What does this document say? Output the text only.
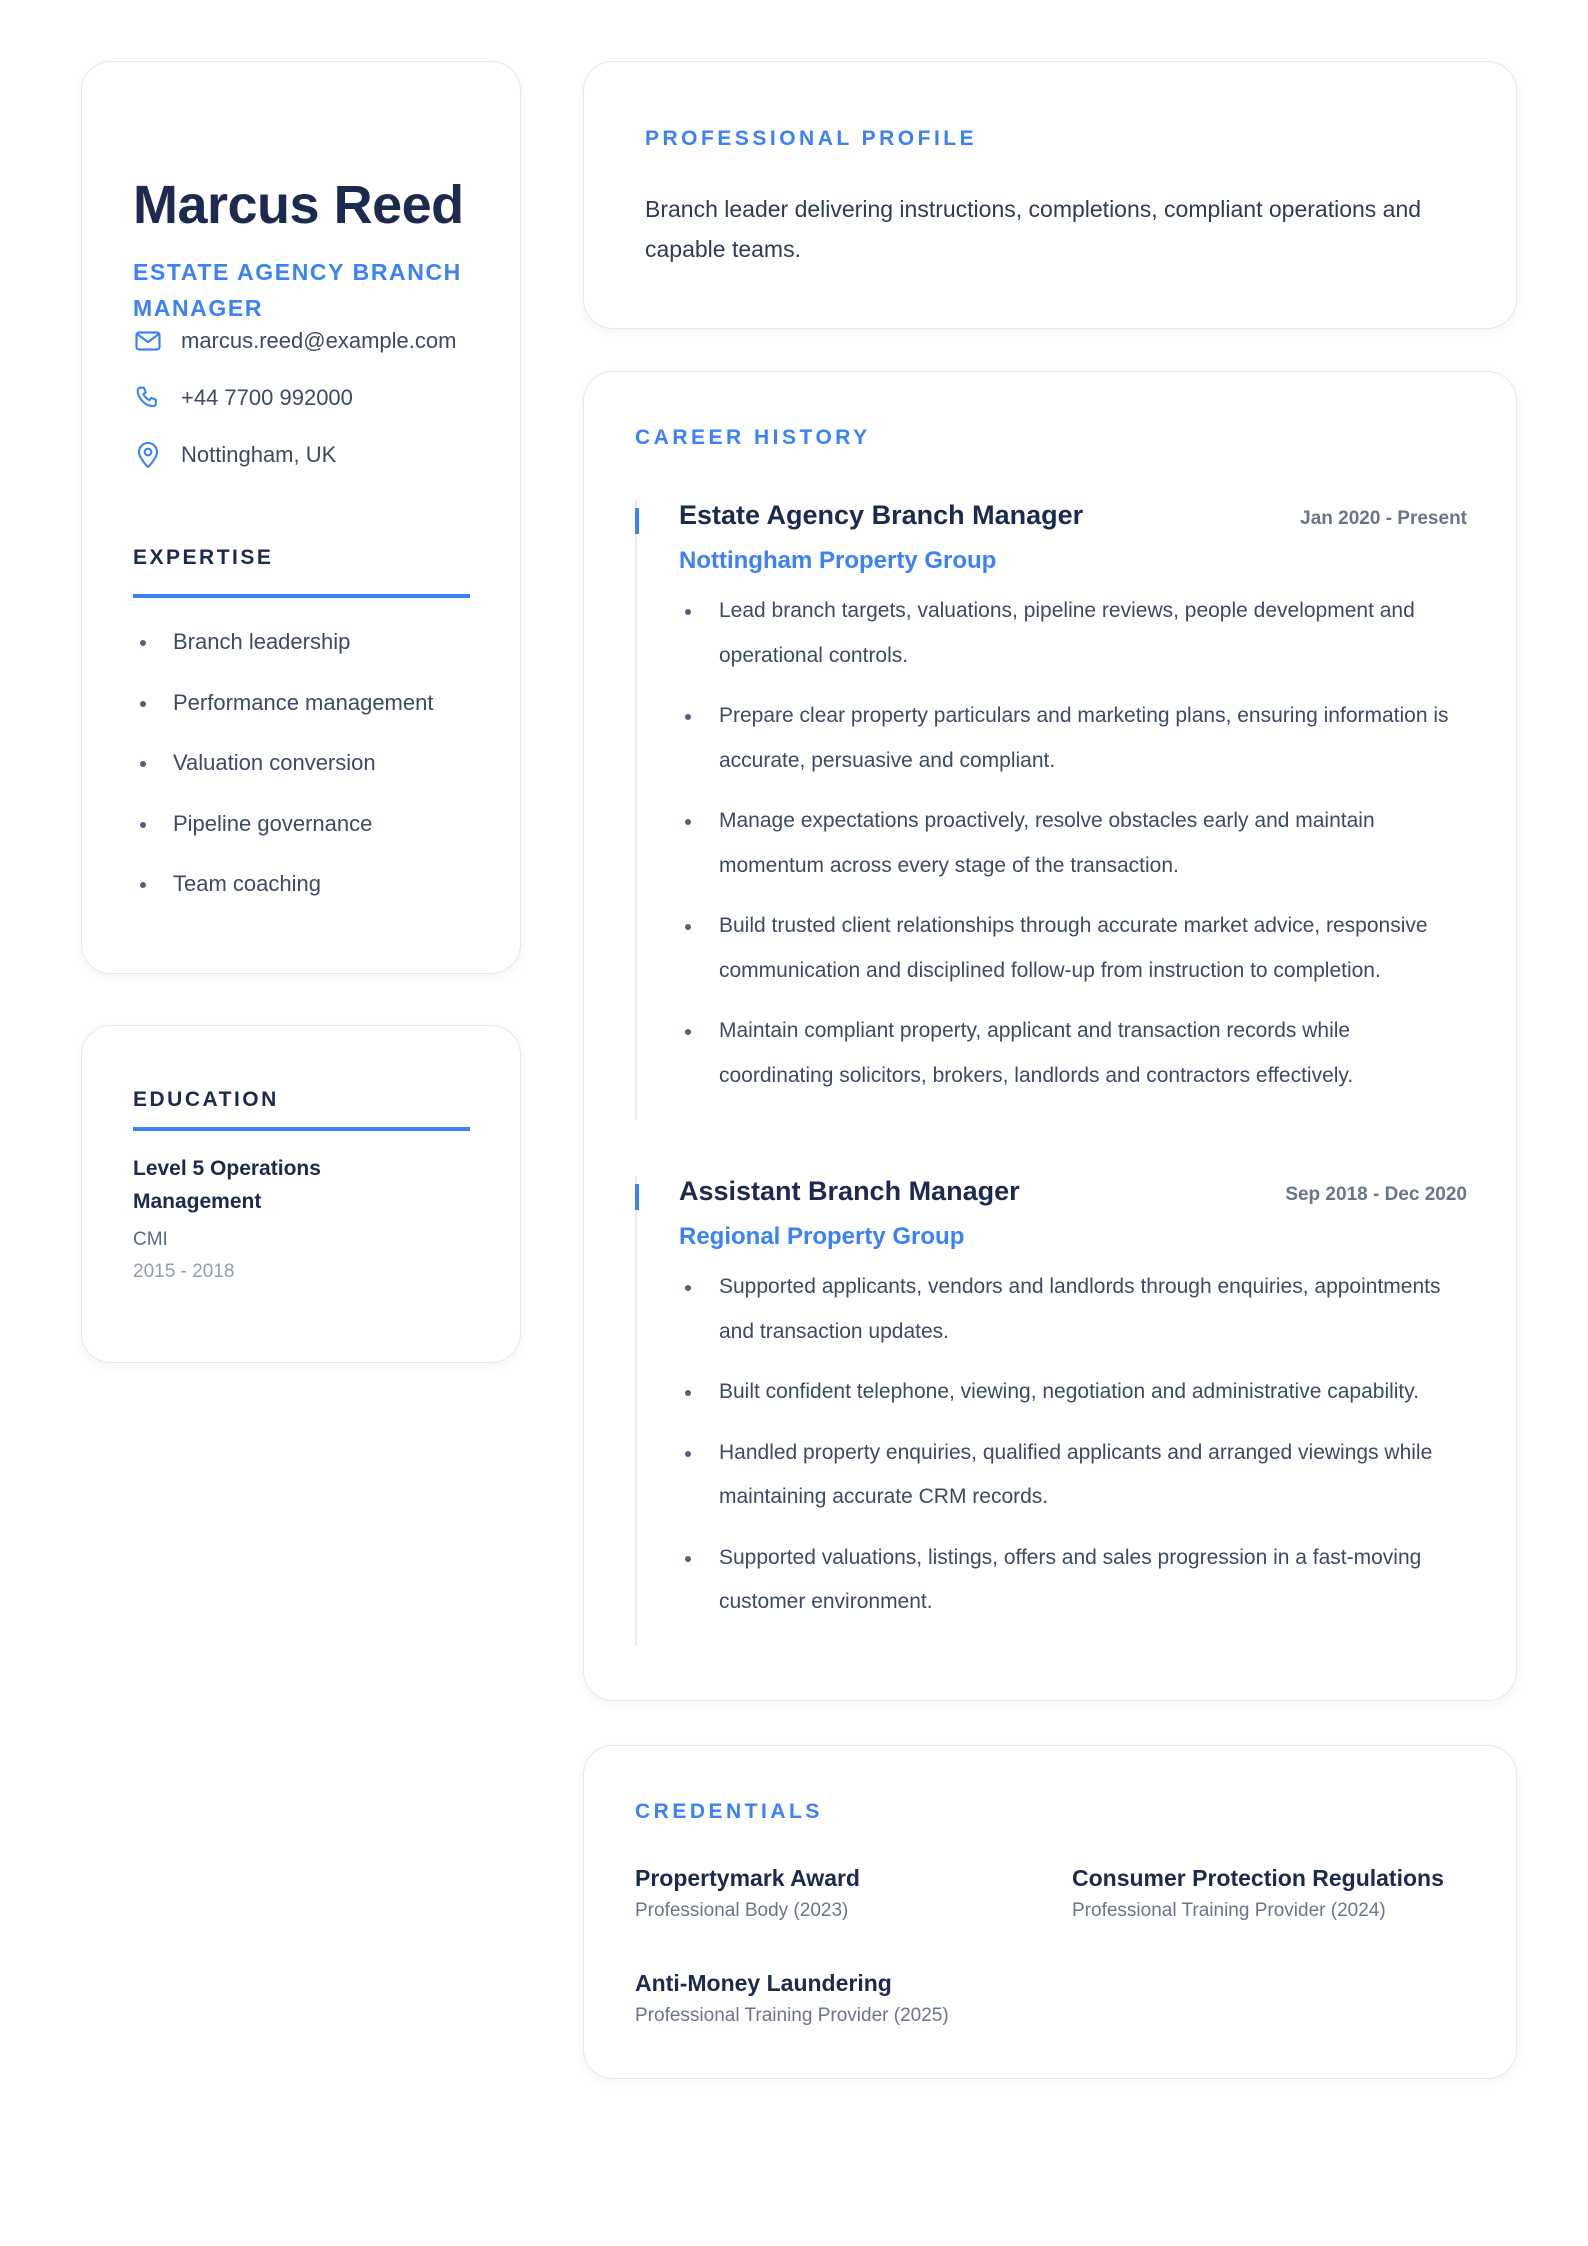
Marcus Reed

ESTATE AGENCY BRANCH MANAGER

marcus.reed@example.com
+44 7700 992000
Nottingham, UK
EXPERTISE
Branch leadership
Performance management
Valuation conversion
Pipeline governance
Team coaching
EDUCATION

Level 5 Operations Management

CMI
2015 - 2018
PROFESSIONAL PROFILE

Branch leader delivering instructions, completions, compliant operations and capable teams.

CAREER HISTORY
Estate Agency Branch Manager	Jan 2020 - Present
Nottingham Property Group
Lead branch targets, valuations, pipeline reviews, people development and operational controls.
Prepare clear property particulars and marketing plans, ensuring information is accurate, persuasive and compliant.
Manage expectations proactively, resolve obstacles early and maintain momentum across every stage of the transaction.
Build trusted client relationships through accurate market advice, responsive communication and disciplined follow-up from instruction to completion.
Maintain compliant property, applicant and transaction records while coordinating solicitors, brokers, landlords and contractors effectively.
Assistant Branch Manager	Sep 2018 - Dec 2020
Regional Property Group
Supported applicants, vendors and landlords through enquiries, appointments and transaction updates.
Built confident telephone, viewing, negotiation and administrative capability.
Handled property enquiries, qualified applicants and arranged viewings while maintaining accurate CRM records.
Supported valuations, listings, offers and sales progression in a fast-moving customer environment.
CREDENTIALS
Propertymark Award
Professional Body (2023)
Consumer Protection Regulations
Professional Training Provider (2024)
Anti-Money Laundering
Professional Training Provider (2025)
